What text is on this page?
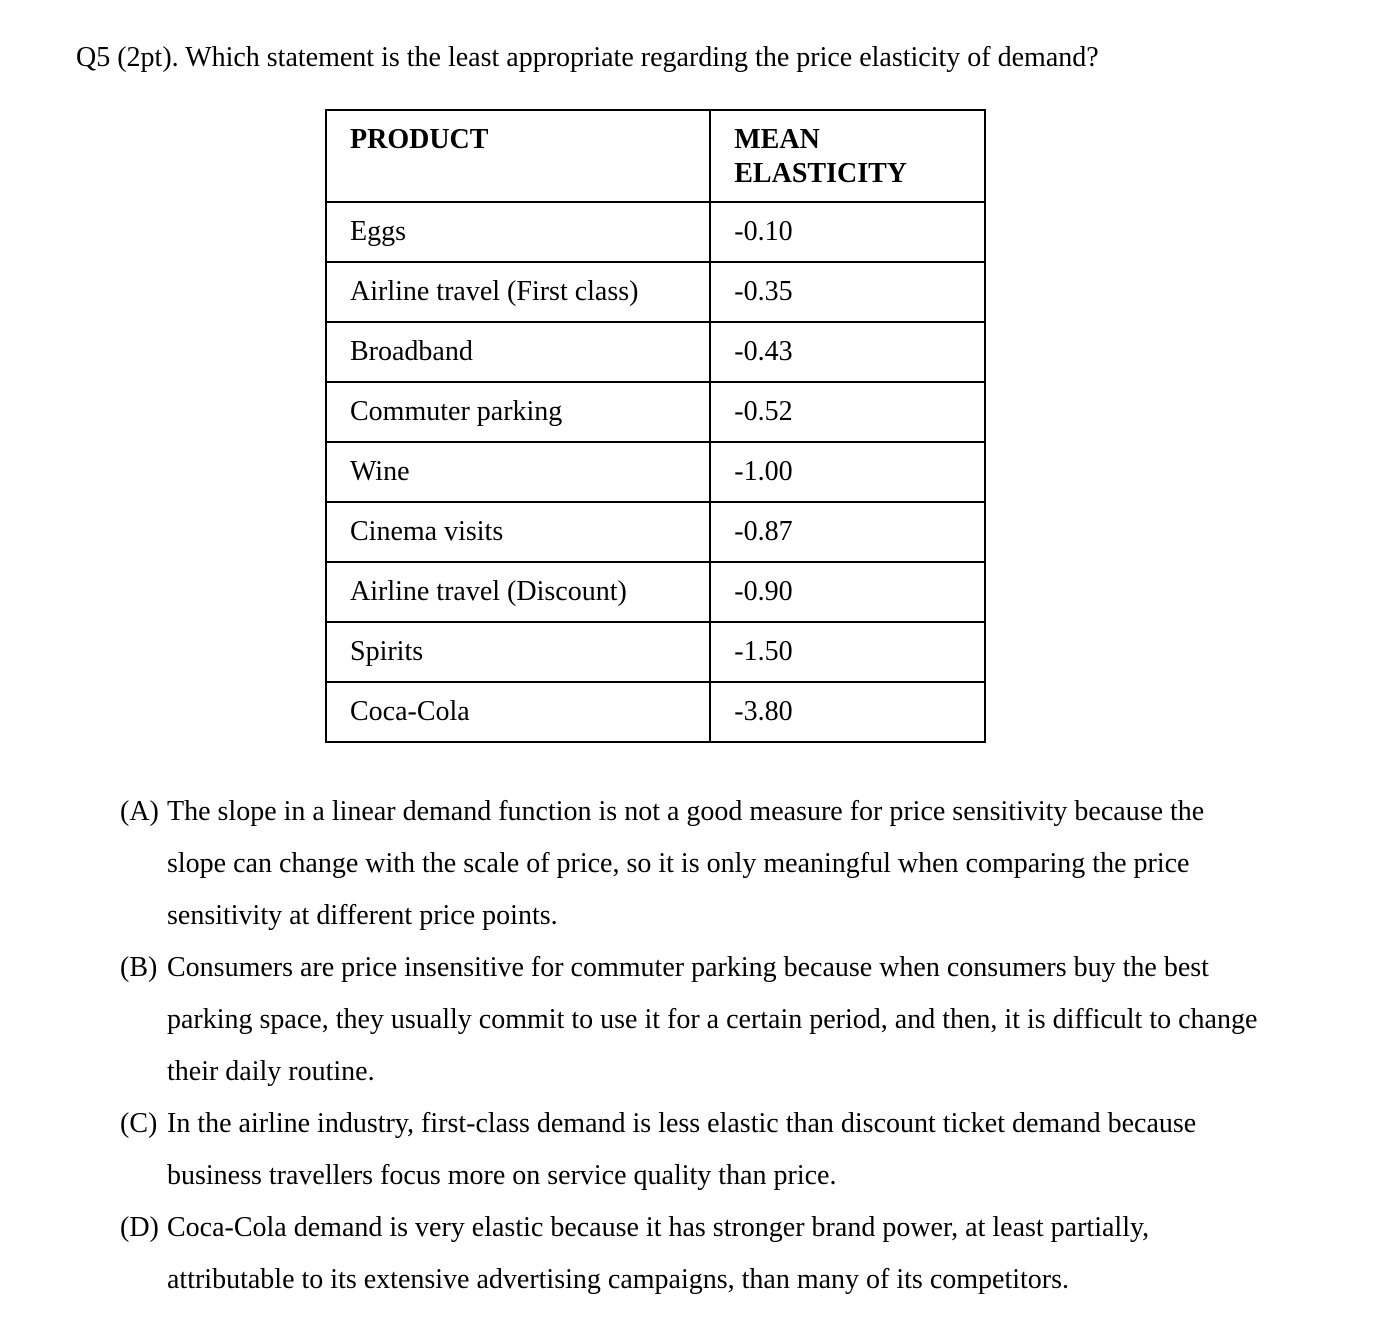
Q5 (2pt). Which statement is the least appropriate regarding the price elasticity of demand?
PRODUCT	MEAN
ELASTICITY
Eggs	-0.10
Airline travel (First class)	-0.35
Broadband	-0.43
Commuter parking	-0.52
Wine	-1.00
Cinema visits	-0.87
Airline travel (Discount)	-0.90
Spirits	-1.50
Coca-Cola	-3.80
(A) The slope in a linear demand function is not a good measure for price sensitivity because the slope can change with the scale of price, so it is only meaningful when comparing the price sensitivity at different price points.
(B) Consumers are price insensitive for commuter parking because when consumers buy the best parking space, they usually commit to use it for a certain period, and then, it is difficult to change their daily routine.
(C) In the airline industry, first-class demand is less elastic than discount ticket demand because business travellers focus more on service quality than price.
(D) Coca-Cola demand is very elastic because it has stronger brand power, at least partially, attributable to its extensive advertising campaigns, than many of its competitors.
